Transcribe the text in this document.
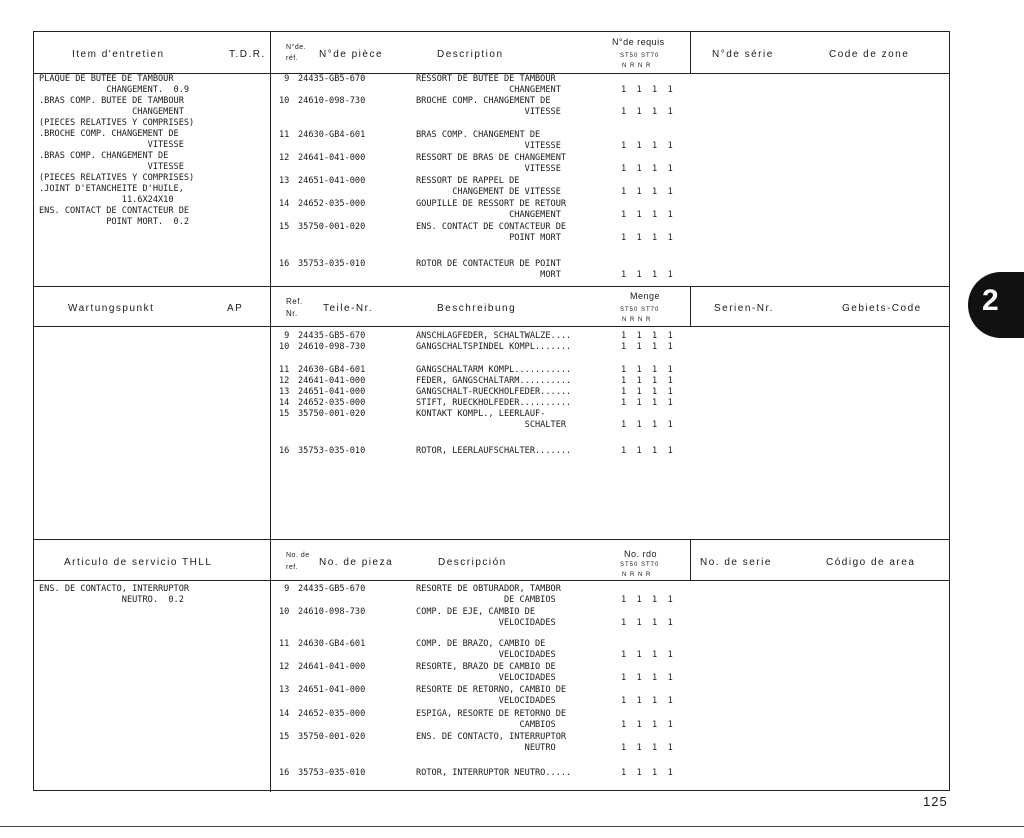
Item d'entretien	T.D.R.
N°de.
réf. N°de pièce	Description
N°de requis
ST50 ST70
N R N R
N°de série	Code de zone
PLAQUE DE BUTEE DE TAMBOUR
CHANGEMENT.  0.9
.BRAS COMP. BUTEE DE TAMBOUR
CHANGEMENT
(PIECES RELATIVES Y COMPRISES)
.BROCHE COMP. CHANGEMENT DE
VITESSE
.BRAS COMP. CHANGEMENT DE
VITESSE
(PIECES RELATIVES Y COMPRISES)
.JOINT D'ETANCHEITE D'HUILE,
11.6X24X10
ENS. CONTACT DE CONTACTEUR DE
POINT MORT.  0.2
9 24435-GB5-670	RESSORT DE BUTEE DE TAMBOUR
CHANGEMENT	1  1  1  1
10 24610-098-730	BROCHE COMP. CHANGEMENT DE
VITESSE	1  1  1  1
11 24630-GB4-601	BRAS COMP. CHANGEMENT DE
VITESSE	1  1  1  1
12 24641-041-000	RESSORT DE BRAS DE CHANGEMENT
VITESSE	1  1  1  1
13 24651-041-000	RESSORT DE RAPPEL DE
CHANGEMENT DE VITESSE	1  1  1  1
14 24652-035-000	GOUPILLE DE RESSORT DE RETOUR
CHANGEMENT	1  1  1  1
15 35750-001-020	ENS. CONTACT DE CONTACTEUR DE
POINT MORT	1  1  1  1
16 35753-035-010	ROTOR DE CONTACTEUR DE POINT
MORT	1  1  1  1
Wartungspunkt	AP
Ref.
Nr.	Teile-Nr.	Beschreibung
Menge
ST50 ST70
N R N R
Serien-Nr.	Gebiets-Code
9 24435-GB5-670	ANSCHLAGFEDER, SCHALTWALZE....	1  1  1  1
10 24610-098-730	GANGSCHALTSPINDEL KOMPL.......	1  1  1  1
11 24630-GB4-601	GANGSCHALTARM KOMPL...........	1  1  1  1
12 24641-041-000	FEDER, GANGSCHALTARM..........	1  1  1  1
13 24651-041-000	GANGSCHALT-RUECKHOLFEDER......	1  1  1  1
14 24652-035-000	STIFT, RUECKHOLFEDER..........	1  1  1  1
15 35750-001-020	KONTAKT KOMPL., LEERLAUF-
SCHALTER	1  1  1  1
16 35753-035-010	ROTOR, LEERLAUFSCHALTER.......	1  1  1  1
Articulo de servicio THLL
No. de
ref. No. de pieza	Descripción
No. rdo
ST50 ST70
N R N R
No. de serie	Código de area
ENS. DE CONTACTO, INTERRUPTOR
NEUTRO.  0.2
9 24435-GB5-670	RESORTE DE OBTURADOR, TAMBOR
DE CAMBIOS	1  1  1  1
10 24610-098-730	COMP. DE EJE, CAMBIO DE
VELOCIDADES	1  1  1  1
11 24630-GB4-601	COMP. DE BRAZO, CAMBIO DE
VELOCIDADES	1  1  1  1
12 24641-041-000	RESORTE, BRAZO DE CAMBIO DE
VELOCIDADES	1  1  1  1
13 24651-041-000	RESORTE DE RETORNO, CAMBIO DE
VELOCIDADES	1  1  1  1
14 24652-035-000	ESPIGA, RESORTE DE RETORNO DE
CAMBIOS	1  1  1  1
15 35750-001-020	ENS. DE CONTACTO, INTERRUPTOR
NEUTRO	1  1  1  1
16 35753-035-010	ROTOR, INTERRUPTOR NEUTRO.....	1  1  1  1
2
125
